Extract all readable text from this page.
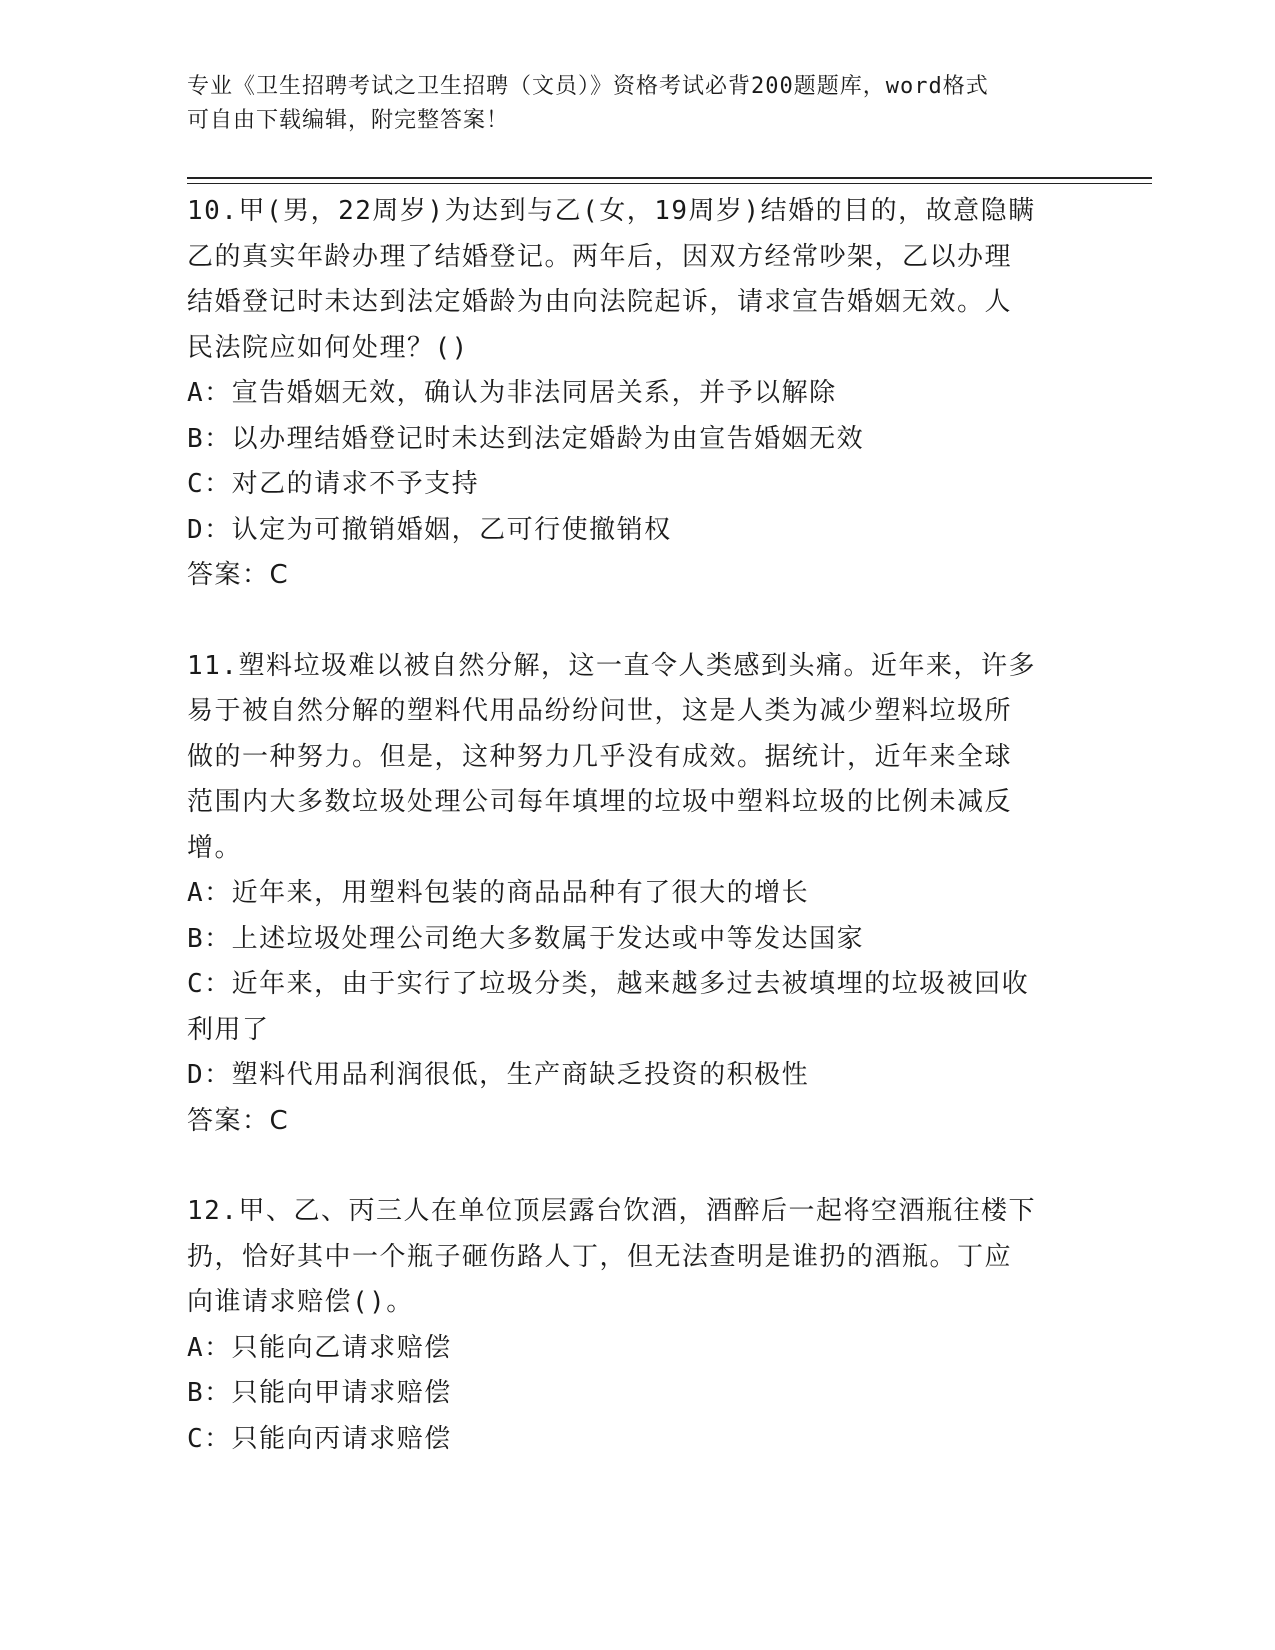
专业《卫生招聘考试之卫生招聘（文员）》资格考试必背200题题库，word格式
可自由下载编辑，附完整答案！

10.甲(男，22周岁)为达到与乙(女，19周岁)结婚的目的，故意隐瞒
乙的真实年龄办理了结婚登记。两年后，因双方经常吵架，乙以办理
结婚登记时未达到法定婚龄为由向法院起诉，请求宣告婚姻无效。人
民法院应如何处理？()

A：宣告婚姻无效，确认为非法同居关系，并予以解除

B：以办理结婚登记时未达到法定婚龄为由宣告婚姻无效

C：对乙的请求不予支持

D：认定为可撤销婚姻，乙可行使撤销权

答案：C

11.塑料垃圾难以被自然分解，这一直令人类感到头痛。近年来，许多
易于被自然分解的塑料代用品纷纷问世，这是人类为减少塑料垃圾所
做的一种努力。但是，这种努力几乎没有成效。据统计，近年来全球
范围内大多数垃圾处理公司每年填埋的垃圾中塑料垃圾的比例未减反
增。

A：近年来，用塑料包装的商品品种有了很大的增长

B：上述垃圾处理公司绝大多数属于发达或中等发达国家

C：近年来，由于实行了垃圾分类，越来越多过去被填埋的垃圾被回收
利用了

D：塑料代用品利润很低，生产商缺乏投资的积极性

答案：C

12.甲、乙、丙三人在单位顶层露台饮酒，酒醉后一起将空酒瓶往楼下
扔，恰好其中一个瓶子砸伤路人丁，但无法查明是谁扔的酒瓶。丁应
向谁请求赔偿()。

A：只能向乙请求赔偿

B：只能向甲请求赔偿

C：只能向丙请求赔偿
